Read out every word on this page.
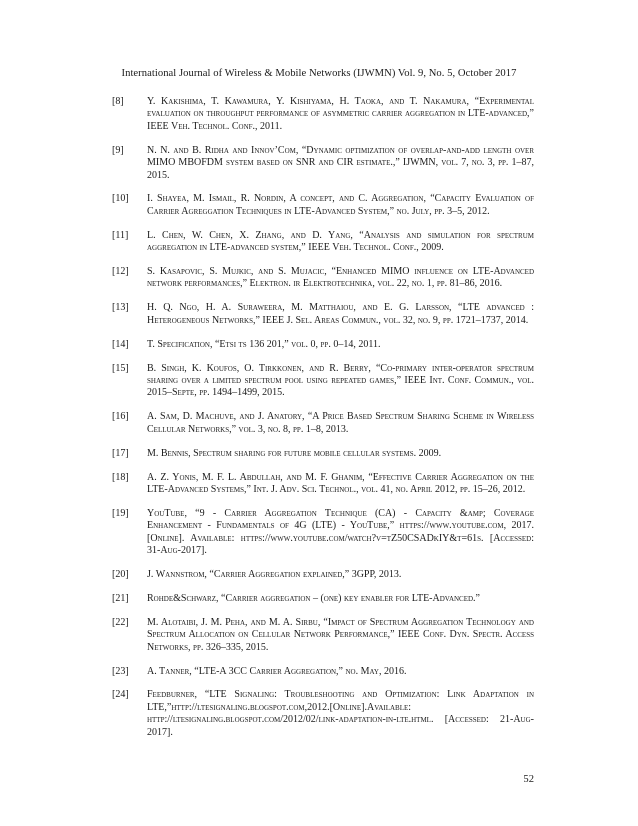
International Journal of Wireless & Mobile Networks (IJWMN) Vol. 9, No. 5, October 2017
[8]	Y. Kakishima, T. Kawamura, Y. Kishiyama, H. Taoka, and T. Nakamura, “Experimental evaluation on throughput performance of asymmetric carrier aggregation in LTE-advanced,” IEEE Veh. Technol. Conf., 2011.
[9]	N. N. and B. Ridha and Innov’Com, “Dynamic optimization of overlap-and-add length over MIMO MBOFDM system based on SNR and CIR estimate.,” IJWMN, vol. 7, no. 3, pp. 1–87, 2015.
[10]	I. Shayea, M. Ismail, R. Nordin, A concept, and C. Aggregation, “Capacity Evaluation of Carrier Agreggation Techniques in LTE-Advanced System,” no. July, pp. 3–5, 2012.
[11]	L. Chen, W. Chen, X. Zhang, and D. Yang, “Analysis and simulation for spectrum aggregation in LTE-advanced system,” IEEE Veh. Technol. Conf., 2009.
[12]	S. Kasapovic, S. Mujkic, and S. Mujacic, “Enhanced MIMO influence on LTE-Advanced network performances,” Elektron. ir Elektrotechnika, vol. 22, no. 1, pp. 81–86, 2016.
[13]	H. Q. Ngo, H. A. Suraweera, M. Matthaiou, and E. G. Larsson, “LTE advanced : Heterogeneous Networks,” IEEE J. Sel. Areas Commun., vol. 32, no. 9, pp. 1721–1737, 2014.
[14]	T. Specification, “Etsi ts 136 201,” vol. 0, pp. 0–14, 2011.
[15]	B. Singh, K. Koufos, O. Tirkkonen, and R. Berry, “Co-primary inter-operator spectrum sharing over a limited spectrum pool using repeated games,” IEEE Int. Conf. Commun., vol. 2015–Septe, pp. 1494–1499, 2015.
[16]	A. Sam, D. Machuve, and J. Anatory, “A Price Based Spectrum Sharing Scheme in Wireless Cellular Networks,” vol. 3, no. 8, pp. 1–8, 2013.
[17]	M. Bennis, Spectrum sharing for future mobile cellular systems. 2009.
[18]	A. Z. Yonis, M. F. L. Abdullah, and M. F. Ghanim, “Effective Carrier Aggregation on the LTE-Advanced Systems,” Int. J. Adv. Sci. Technol., vol. 41, no. April 2012, pp. 15–26, 2012.
[19]	YouTube, “9 - Carrier Aggregation Technique (CA) - Capacity &amp; Coverage Enhancement - Fundamentals of 4G (LTE) - YouTube,” https://www.youtube.com, 2017. [Online]. Available: https://www.youtube.com/watch?v=tZ50CSADkIY&t=61s. [Accessed: 31-Aug-2017].
[20]	J. Wannstrom, “Carrier Aggregation explained,” 3GPP, 2013.
[21]	Rohde&Schwarz, “Carrier aggregation – (one) key enabler for LTE-Advanced.”
[22]	M. Alotaibi, J. M. Peha, and M. A. Sirbu, “Impact of Spectrum Aggregation Technology and Spectrum Allocation on Cellular Network Performance,” IEEE Conf. Dyn. Spectr. Access Networks, pp. 326–335, 2015.
[23]	A. Tanner, “LTE-A 3CC Carrier Aggregation,” no. May, 2016.
[24]	Feedburner, “LTE Signaling: Troubleshooting and Optimization: Link Adaptation in LTE,”http://ltesignaling.blogspot.com,2012.[Online].Available: http://ltesignaling.blogspot.com/2012/02/link-adaptation-in-lte.html. [Accessed: 21-Aug-2017].
52
